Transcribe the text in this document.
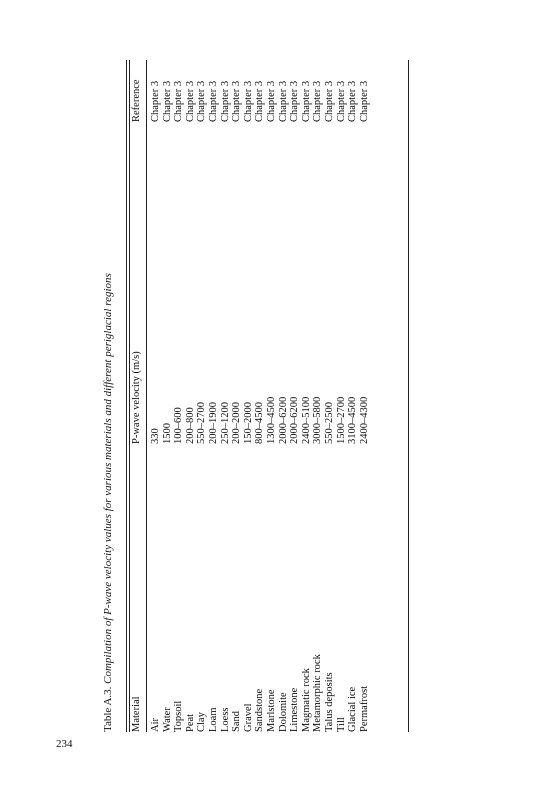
234
Table A.3. Compilation of P-wave velocity values for various materials and different periglacial regions
Material
P-wave velocity (m/s)
Reference
Air
330
Chapter 3
Water
1500
Chapter 3
Topsoil
100–600
Chapter 3
Peat
200–800
Chapter 3
Clay
550–2700
Chapter 3
Loam
200–1900
Chapter 3
Loess
250–1200
Chapter 3
Sand
200–2000
Chapter 3
Gravel
150–2000
Chapter 3
Sandstone
800–4500
Chapter 3
Marlstone
1300–4500
Chapter 3
Dolomite
2000–6200
Chapter 3
Limestone
2000–6200
Chapter 3
Magmatic rock
2400–5100
Chapter 3
Metamorphic rock
3000–5800
Chapter 3
Talus deposits
550–2500
Chapter 3
Till
1500–2700
Chapter 3
Glacial ice
3100–4500
Chapter 3
Permafrost
2400–4300
Chapter 3
